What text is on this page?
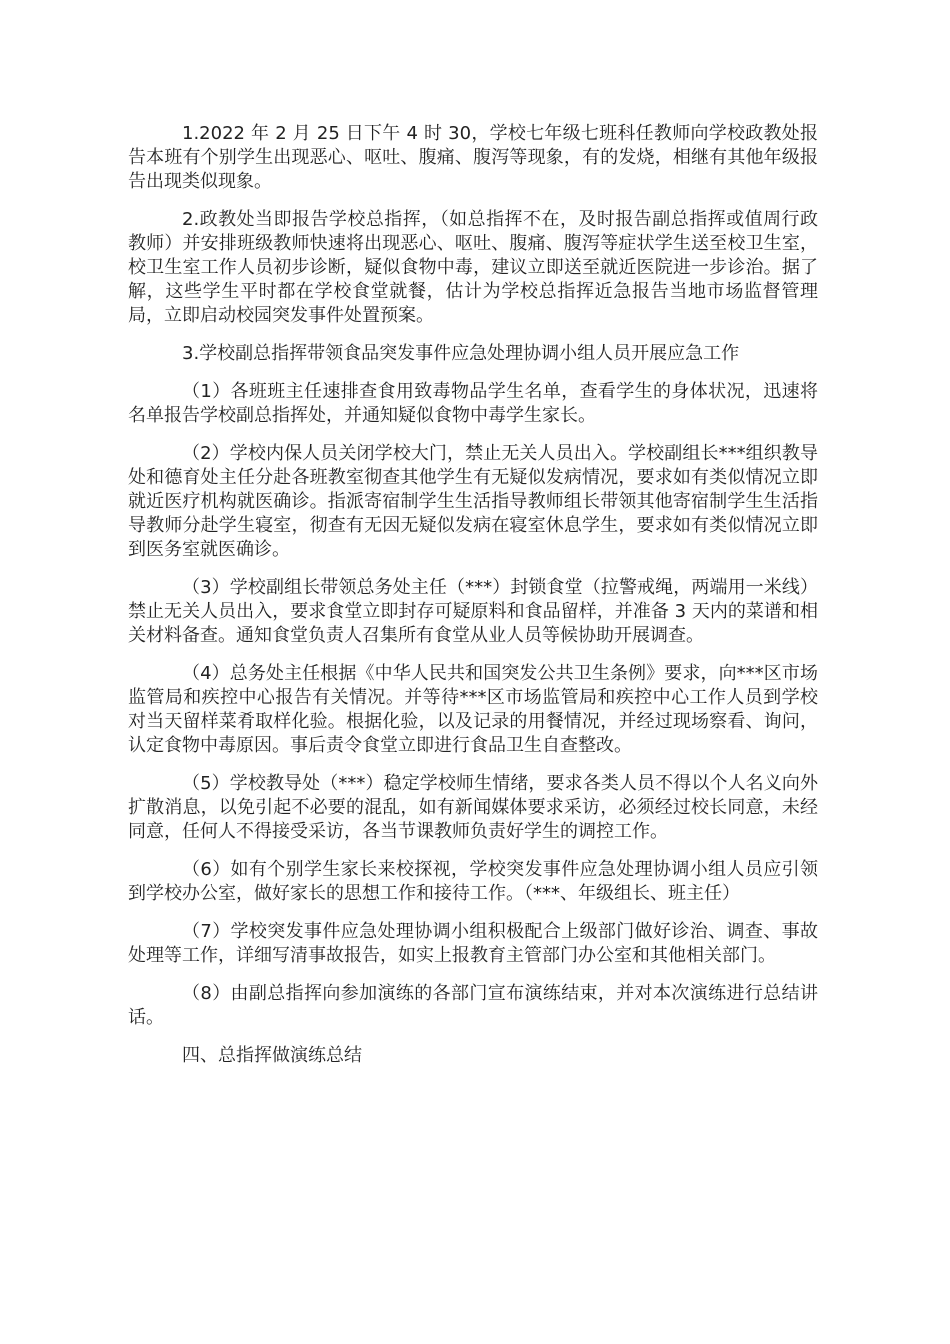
1.2022 年 2 月 25 日下午 4 时 30，学校七年级七班科任教师向学校政教处报告本班有个别学生出现恶心、呕吐、腹痛、腹泻等现象，有的发烧，相继有其他年级报告出现类似现象。

2.政教处当即报告学校总指挥，（如总指挥不在，及时报告副总指挥或值周行政教师）并安排班级教师快速将出现恶心、呕吐、腹痛、腹泻等症状学生送至校卫生室，校卫生室工作人员初步诊断，疑似食物中毒，建议立即送至就近医院进一步诊治。据了解，这些学生平时都在学校食堂就餐，估计为学校总指挥近急报告当地市场监督管理局，立即启动校园突发事件处置预案。

3.学校副总指挥带领食品突发事件应急处理协调小组人员开展应急工作

（1）各班班主任速排查食用致毒物品学生名单，查看学生的身体状况，迅速将名单报告学校副总指挥处，并通知疑似食物中毒学生家长。

（2）学校内保人员关闭学校大门，禁止无关人员出入。学校副组长***组织教导处和德育处主任分赴各班教室彻查其他学生有无疑似发病情况，要求如有类似情况立即就近医疗机构就医确诊。指派寄宿制学生生活指导教师组长带领其他寄宿制学生生活指导教师分赴学生寝室，彻查有无因无疑似发病在寝室休息学生，要求如有类似情况立即到医务室就医确诊。

（3）学校副组长带领总务处主任（***）封锁食堂（拉警戒绳，两端用一米线）禁止无关人员出入，要求食堂立即封存可疑原料和食品留样，并准备 3 天内的菜谱和相关材料备查。通知食堂负责人召集所有食堂从业人员等候协助开展调查。

（4）总务处主任根据《中华人民共和国突发公共卫生条例》要求，向***区市场监管局和疾控中心报告有关情况。并等待***区市场监管局和疾控中心工作人员到学校对当天留样菜肴取样化验。根据化验，以及记录的用餐情况，并经过现场察看、询问，认定食物中毒原因。事后责令食堂立即进行食品卫生自查整改。

（5）学校教导处（***）稳定学校师生情绪，要求各类人员不得以个人名义向外扩散消息，以免引起不必要的混乱，如有新闻媒体要求采访，必须经过校长同意，未经同意，任何人不得接受采访，各当节课教师负责好学生的调控工作。

（6）如有个别学生家长来校探视，学校突发事件应急处理协调小组人员应引领到学校办公室，做好家长的思想工作和接待工作。（***、年级组长、班主任）

（7）学校突发事件应急处理协调小组积极配合上级部门做好诊治、调查、事故处理等工作，详细写清事故报告，如实上报教育主管部门办公室和其他相关部门。

（8）由副总指挥向参加演练的各部门宣布演练结束，并对本次演练进行总结讲话。

四、总指挥做演练总结
